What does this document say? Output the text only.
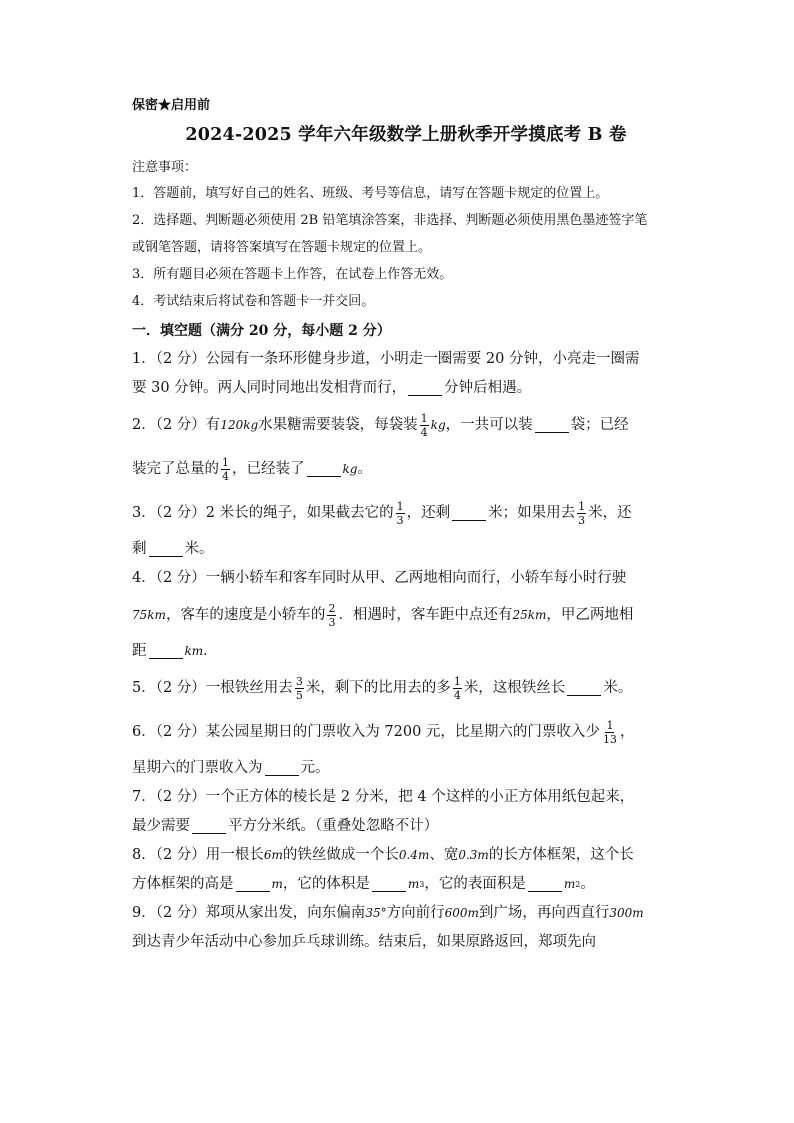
保密★启用前
2024-2025 学年六年级数学上册秋季开学摸底考 B 卷
注意事项：

1．答题前，填写好自己的姓名、班级、考号等信息，请写在答题卡规定的位置上。

2．选择题、判断题必须使用 2B 铅笔填涂答案，非选择、判断题必须使用黑色墨迹签字笔

或钢笔答题，请将答案填写在答题卡规定的位置上。

3．所有题目必须在答题卡上作答，在试卷上作答无效。

4．考试结束后将试卷和答题卡一并交回。

一．填空题（满分 20 分，每小题 2 分）
1．（2 分）公园有一条环形健身步道，小明走一圈需要 20 分钟，小亮走一圈需
要 30 分钟。两人同时同地出发相背而行，	分钟后相遇。
2．（2 分）有 120 kg 水果糖需要装袋，每袋装 $\frac{1}{4}$ kg ，一共可以装	袋；已经
装完了总量的 $\frac{1}{4}$ ，已经装了	kg 。
3．（2 分）2 米长的绳子，如果截去它的 $\frac{1}{3}$ ，还剩	米；如果用去 $\frac{1}{3}$ 米，还
剩	米。
4．（2 分）一辆小轿车和客车同时从甲、乙两地相向而行，小轿车每小时行驶
75 km ，客车的速度是小轿车的 $\frac{2}{3}$ ．相遇时，客车距中点还有 25 km ，甲乙两地相
距	km ．
5．（2 分）一根铁丝用去 $\frac{3}{5}$ 米，剩下的比用去的多 $\frac{1}{4}$ 米，这根铁丝长	米。
6．（2 分）某公园星期日的门票收入为 7200 元，比星期六的门票收入少 $\frac{1}{13}$ ，
星期六的门票收入为	元。
7．（2 分）一个正方体的棱长是 2 分米，把 4 个这样的小正方体用纸包起来，
最少需要	平方分米纸。（重叠处忽略不计）
8．（2 分）用一根长 6 m 的铁丝做成一个长 0.4 m 、宽 0.3 m 的长方体框架，这个长
方体框架的高是	m ，它的体积是	m 3 ，它的表面积是	m 2 。
9．（2 分）郑项从家出发，向东偏南 35° 方向前行 600 m 到广场，再向西直行 300 m
到达青少年活动中心参加乒乓球训练。结束后，如果原路返回，郑项先向
